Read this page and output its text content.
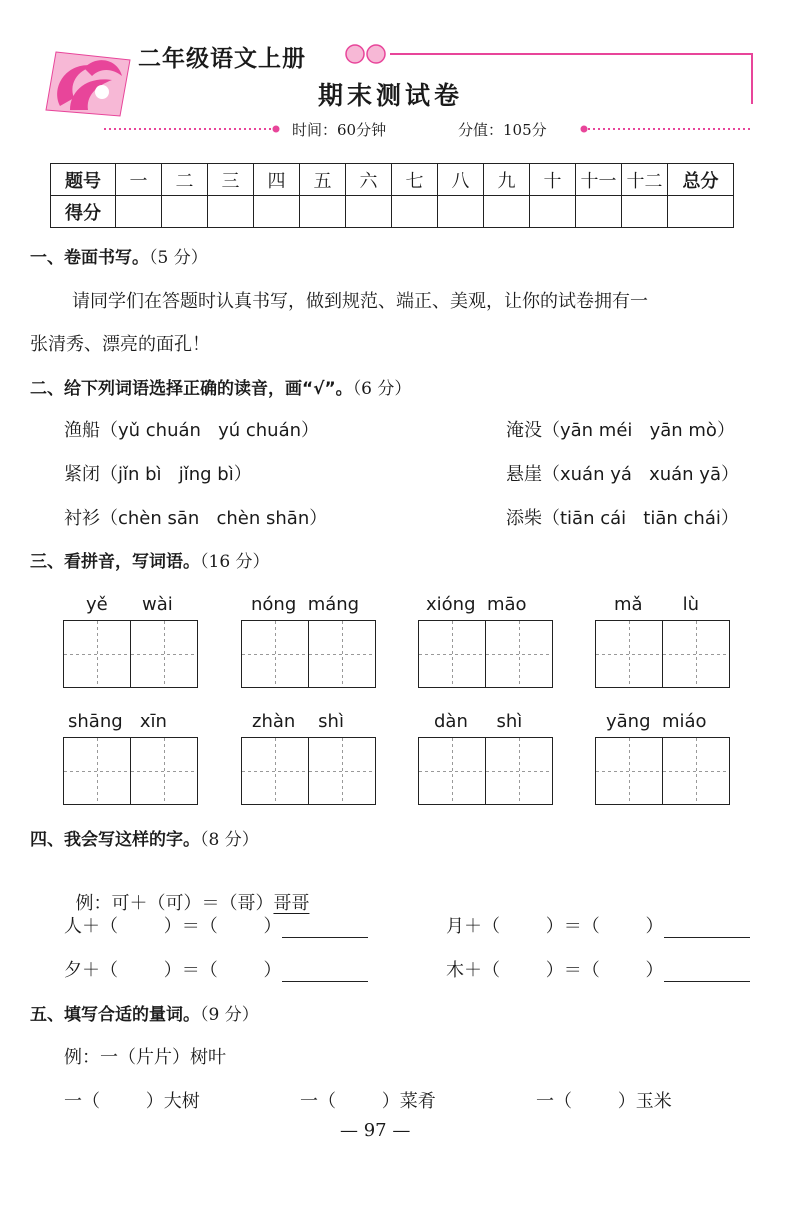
二年级语文上册
期末测试卷
时间：60分钟	分值：105分
题号	一	二	三	四	五	六	七	八	九	十	十一	十二	总分
得分													
一、卷面书写。（5 分）
请同学们在答题时认真书写，做到规范、端正、美观，让你的试卷拥有一
张清秀、漂亮的面孔！
二、给下列词语选择正确的读音，画“√”。（6 分）
渔船（yǔ chuán   yú chuán）	淹没（yān méi   yān mò）
紧闭（jǐn bì   jǐng bì）	悬崖（xuán yá   xuán yā）
衬衫（chèn sān   chèn shān）	添柴（tiān cái   tiān chái）
三、看拼音，写词语。（16 分）
yě      wài	nóng  máng	xióng  māo	mǎ       lù
shāng   xīn	zhàn    shì	dàn     shì	yāng  miáo
四、我会写这样的字。（8 分）

例：可＋（可）＝（哥）哥哥

人＋（        ）＝（        ）	月＋（        ）＝（        ）
夕＋（        ）＝（        ）	木＋（        ）＝（        ）
五、填写合适的量词。（9 分）
例：一（片片）树叶
一（        ）大树	一（        ）菜肴	一（        ）玉米
— 97 —
